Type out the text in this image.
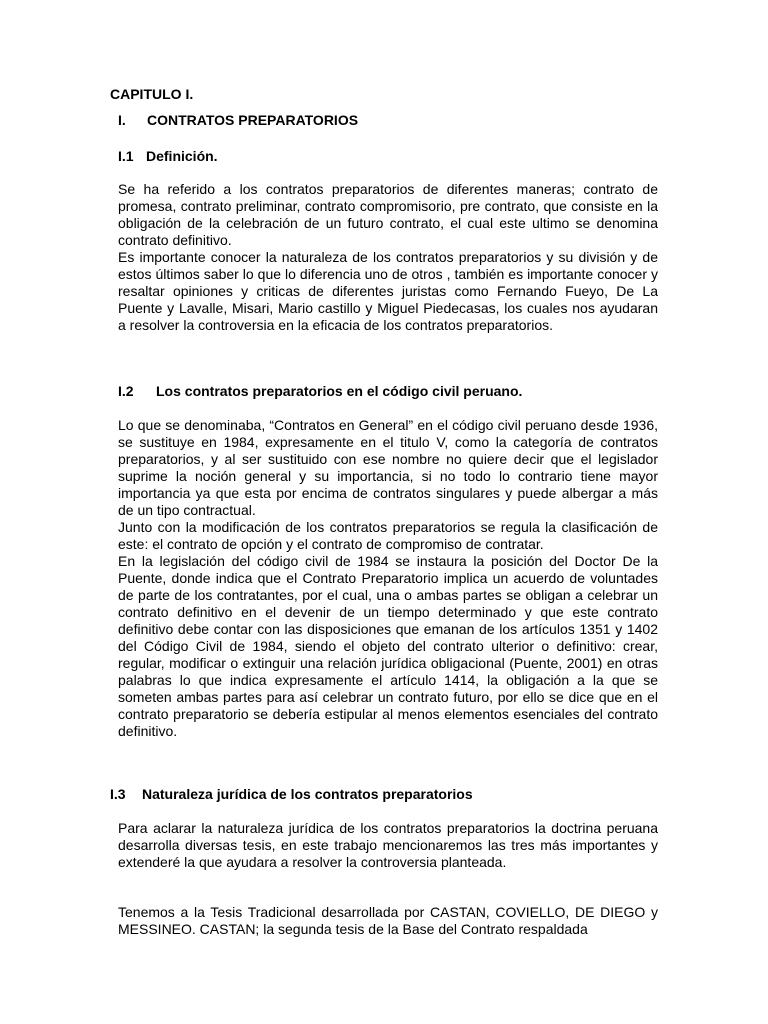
CAPITULO I.
I. CONTRATOS PREPARATORIOS
I.1 Definición.

Se ha referido a los contratos preparatorios de diferentes maneras; contrato de promesa, contrato preliminar, contrato compromisorio, pre contrato, que consiste en la obligación de la celebración de un futuro contrato, el cual este ultimo se denomina contrato definitivo.

Es importante conocer la naturaleza de los contratos preparatorios y su división y de estos últimos saber lo que lo diferencia uno de otros , también es importante conocer y resaltar opiniones y criticas de diferentes juristas como Fernando Fueyo, De La Puente y Lavalle, Misari, Mario castillo y Miguel Piedecasas, los cuales nos ayudaran a resolver la controversia en la eficacia de los contratos preparatorios.

I.2 Los contratos preparatorios en el código civil peruano.

Lo que se denominaba, “Contratos en General” en el código civil peruano desde 1936, se sustituye en 1984, expresamente en el titulo V, como la categoría de contratos preparatorios, y al ser sustituido con ese nombre no quiere decir que el legislador suprime la noción general y su importancia, si no todo lo contrario tiene mayor importancia ya que esta por encima de contratos singulares y puede albergar a más de un tipo contractual.

Junto con la modificación de los contratos preparatorios se regula la clasificación de este: el contrato de opción y el contrato de compromiso de contratar.

En la legislación del código civil de 1984 se instaura la posición del Doctor De la Puente, donde indica que el Contrato Preparatorio implica un acuerdo de voluntades de parte de los contratantes, por el cual, una o ambas partes se obligan a celebrar un contrato definitivo en el devenir de un tiempo determinado y que este contrato definitivo debe contar con las disposiciones que emanan de los artículos 1351 y 1402 del Código Civil de 1984, siendo el objeto del contrato ulterior o definitivo: crear, regular, modificar o extinguir una relación jurídica obligacional (Puente, 2001) en otras palabras lo que indica expresamente el artículo 1414, la obligación a la que se someten ambas partes para así celebrar un contrato futuro, por ello se dice que en el contrato preparatorio se debería estipular al menos elementos esenciales del contrato definitivo.

I.3 Naturaleza jurídica de los contratos preparatorios

Para aclarar la naturaleza jurídica de los contratos preparatorios la doctrina peruana desarrolla diversas tesis, en este trabajo mencionaremos las tres más importantes y extenderé la que ayudara a resolver la controversia planteada.

Tenemos a la Tesis Tradicional desarrollada por CASTAN, COVIELLO, DE DIEGO y MESSINEO. CASTAN; la segunda tesis de la Base del Contrato respaldada
